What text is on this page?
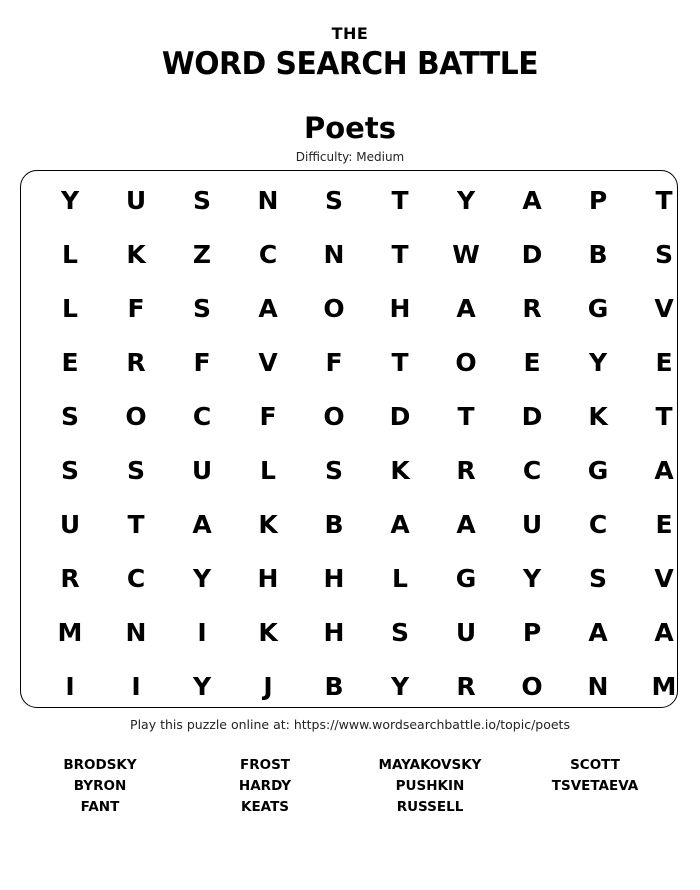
THE
WORD SEARCH BATTLE
Poets
Difficulty: Medium
Y	U	S	N	S	T	Y	A	P	T
L	K	Z	C	N	T	W	D	B	S
L	F	S	A	O	H	A	R	G	V
E	R	F	V	F	T	O	E	Y	E
S	O	C	F	O	D	T	D	K	T
S	S	U	L	S	K	R	C	G	A
U	T	A	K	B	A	A	U	C	E
R	C	Y	H	H	L	G	Y	S	V
M	N	I	K	H	S	U	P	A	A
I	I	Y	J	B	Y	R	O	N	M
Play this puzzle online at: https://www.wordsearchbattle.io/topic/poets
BRODSKY
BYRON
FANT
FROST
HARDY
KEATS
MAYAKOVSKY
PUSHKIN
RUSSELL
SCOTT
TSVETAEVA
